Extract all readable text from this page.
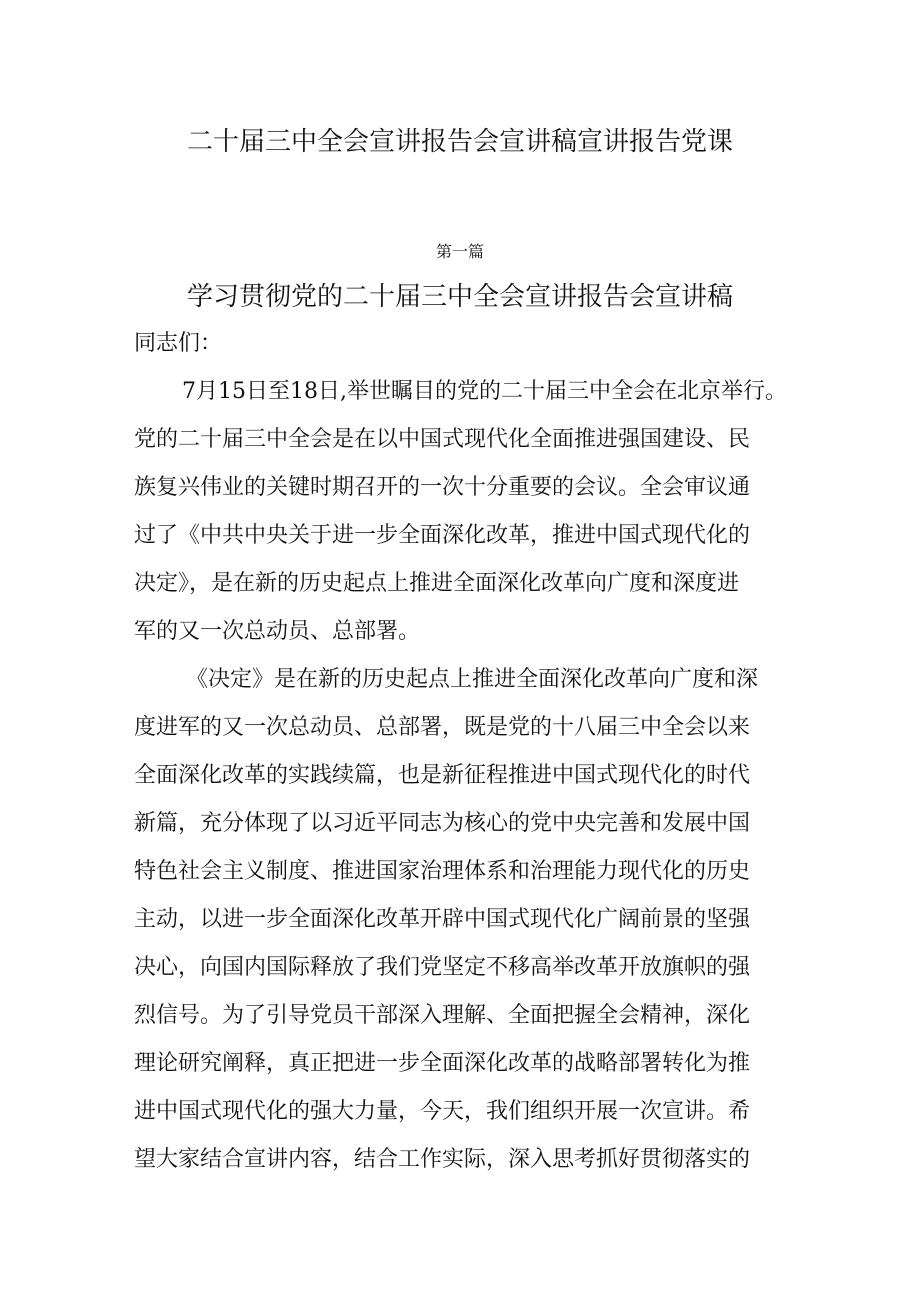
二十届三中全会宣讲报告会宣讲稿宣讲报告党课
第一篇
学习贯彻党的二十届三中全会宣讲报告会宣讲稿
同志们：
7月15日至18日,举世瞩目的党的二十届三中全会在北京举行。
党的二十届三中全会是在以中国式现代化全面推进强国建设、民
族复兴伟业的关键时期召开的一次十分重要的会议。全会审议通
过了《中共中央关于进一步全面深化改革，推进中国式现代化的
决定》，是在新的历史起点上推进全面深化改革向广度和深度进
军的又一次总动员、总部署。
《决定》是在新的历史起点上推进全面深化改革向广度和深
度进军的又一次总动员、总部署，既是党的十八届三中全会以来
全面深化改革的实践续篇，也是新征程推进中国式现代化的时代
新篇，充分体现了以习近平同志为核心的党中央完善和发展中国
特色社会主义制度、推进国家治理体系和治理能力现代化的历史
主动，以进一步全面深化改革开辟中国式现代化广阔前景的坚强
决心，向国内国际释放了我们党坚定不移高举改革开放旗帜的强
烈信号。为了引导党员干部深入理解、全面把握全会精神，深化
理论研究阐释，真正把进一步全面深化改革的战略部署转化为推
进中国式现代化的强大力量，今天，我们组织开展一次宣讲。希
望大家结合宣讲内容，结合工作实际，深入思考抓好贯彻落实的
